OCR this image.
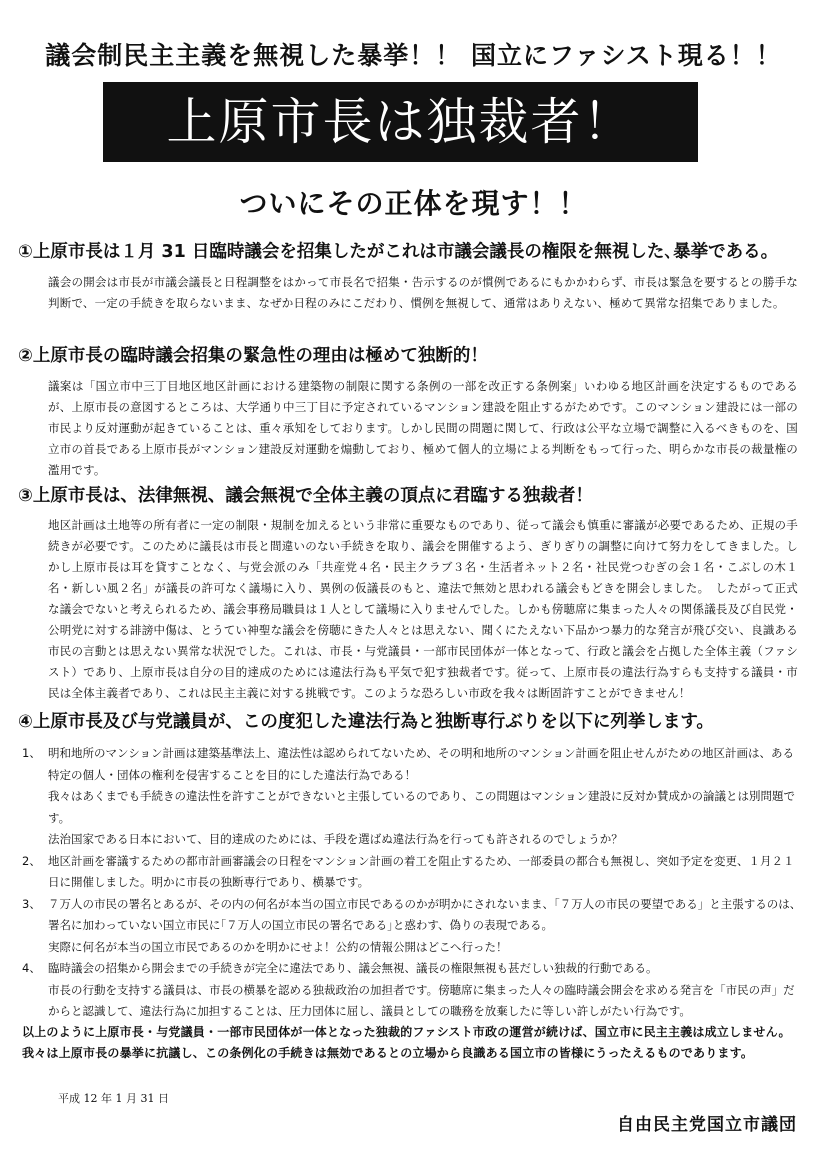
議会制民主主義を無視した暴挙！！ 国立にファシスト現る！！
上原市長は独裁者！
ついにその正体を現す！！
①上原市長は１月 31 日臨時議会を招集したがこれは市議会議長の権限を無視した､暴挙である。
議会の開会は市長が市議会議長と日程調整をはかって市長名で招集・告示するのが慣例であるにもかかわらず、市長は緊急を要するとの勝手な判断で、一定の手続きを取らないまま、なぜか日程のみにこだわり、慣例を無視して、通常はありえない、極めて異常な招集でありました。
②上原市長の臨時議会招集の緊急性の理由は極めて独断的！
議案は「国立市中三丁目地区地区計画における建築物の制限に関する条例の一部を改正する条例案」いわゆる地区計画を決定するものであるが、上原市長の意図するところは、大学通り中三丁目に予定されているマンション建設を阻止するがためです。このマンション建設には一部の市民より反対運動が起きていることは、重々承知をしております。しかし民間の問題に関して、行政は公平な立場で調整に入るべきものを、国立市の首長である上原市長がマンション建設反対運動を煽動しており、極めて個人的立場による判断をもって行った、明らかな市長の裁量権の濫用です。
③上原市長は、法律無視、議会無視で全体主義の頂点に君臨する独裁者！
地区計画は土地等の所有者に一定の制限・規制を加えるという非常に重要なものであり、従って議会も慎重に審議が必要であるため、正規の手続きが必要です。このために議長は市長と間違いのない手続きを取り、議会を開催するよう、ぎりぎりの調整に向けて努力をしてきました。しかし上原市長は耳を貸すことなく、与党会派のみ「共産党４名・民主クラブ３名・生活者ネット２名・社民党つむぎの会１名・こぶしの木１名・新しい風２名」が議長の許可なく議場に入り、異例の仮議長のもと、違法で無効と思われる議会もどきを開会しました。　したがって正式な議会でないと考えられるため、議会事務局職員は１人として議場に入りませんでした。しかも傍聴席に集まった人々の関係議長及び自民党・公明党に対する誹謗中傷は、とうてい神聖な議会を傍聴にきた人々とは思えない、聞くにたえない下品かつ暴力的な発言が飛び交い、良識ある市民の言動とは思えない異常な状況でした。これは、市長・与党議員・一部市民団体が一体となって、行政と議会を占拠した全体主義（ファシスト）であり、上原市長は自分の目的達成のためには違法行為も平気で犯す独裁者です。従って、上原市長の違法行為すらも支持する議員・市民は全体主義者であり、これは民主主義に対する挑戦です。このような恐ろしい市政を我々は断固許すことができません！
④上原市長及び与党議員が、この度犯した違法行為と独断専行ぶりを以下に列挙します。
1、 明和地所のマンション計画は建築基準法上、違法性は認められてないため、その明和地所のマンション計画を阻止せんがための地区計画は、ある特定の個人・団体の権利を侵害することを目的にした違法行為である！
我々はあくまでも手続きの違法性を許すことができないと主張しているのであり、この問題はマンション建設に反対か賛成かの論議とは別問題です。
法治国家である日本において、目的達成のためには、手段を選ばぬ違法行為を行っても許されるのでしょうか？
2、 地区計画を審議するための都市計画審議会の日程をマンション計画の着工を阻止するため、一部委員の都合も無視し、突如予定を変更、１月２１日に開催しました。明かに市長の独断専行であり、横暴です。
3、 ７万人の市民の署名とあるが、その内の何名が本当の国立市民であるのかが明かにされないまま、「７万人の市民の要望である」と主張するのは、署名に加わっていない国立市民に｢７万人の国立市民の署名である｣と惑わす、偽りの表現である。
実際に何名が本当の国立市民であるのかを明かにせよ！公約の情報公開はどこへ行った！
4、 臨時議会の招集から開会までの手続きが完全に違法であり、議会無視、議長の権限無視も甚だしい独裁的行動である。
市長の行動を支持する議員は、市長の横暴を認める独裁政治の加担者です。傍聴席に集まった人々の臨時議会開会を求める発言を「市民の声」だからと認識して、違法行為に加担することは、圧力団体に屈し、議員としての職務を放棄したに等しい許しがたい行為です。
以上のように上原市長・与党議員・一部市民団体が一体となった独裁的ファシスト市政の運営が続けば、国立市に民主主義は成立しません。我々は上原市長の暴挙に抗議し、この条例化の手続きは無効であるとの立場から良識ある国立市の皆様にうったえるものであります。
平成 12 年 1 月 31 日
自由民主党国立市議団
